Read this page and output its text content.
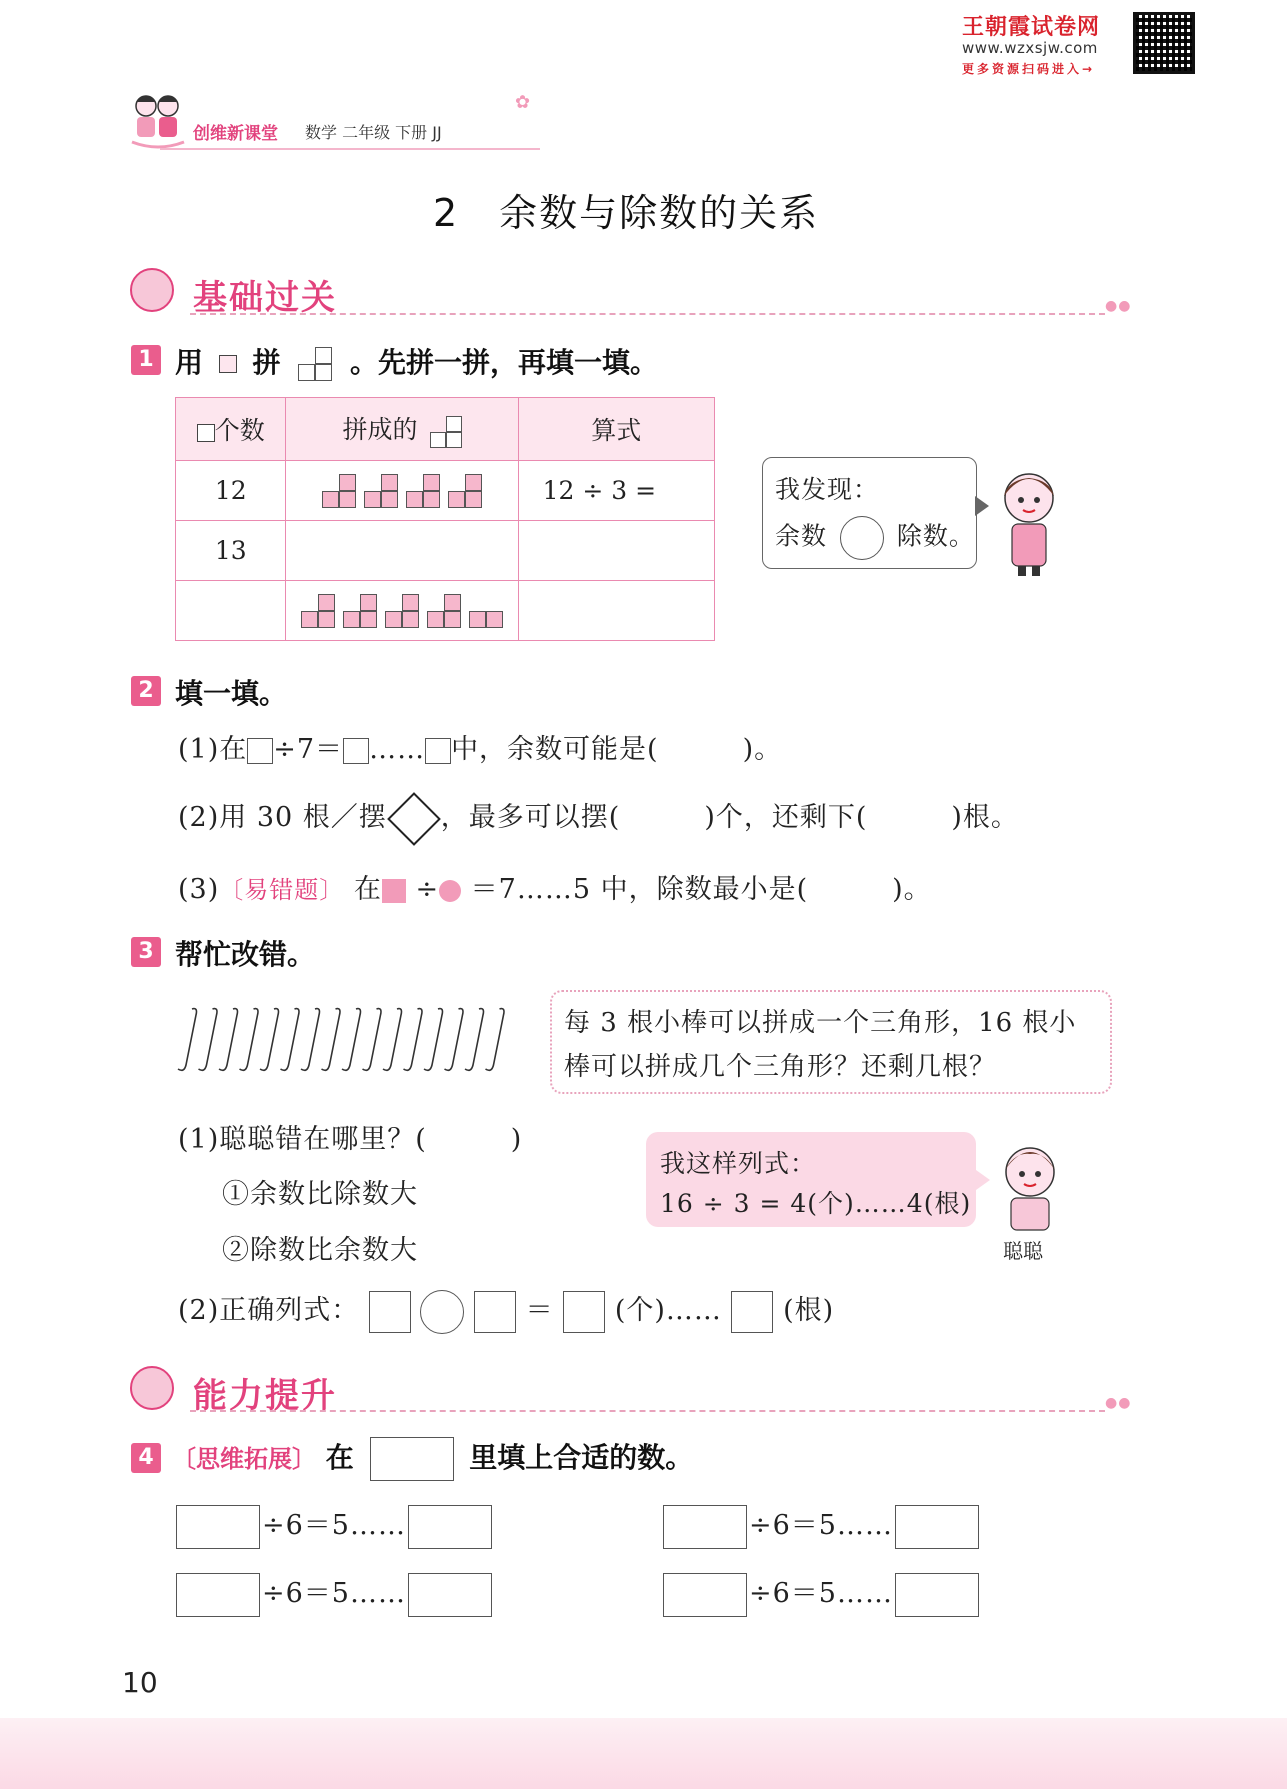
王朝霞试卷网
www.wzxsjw.com
更多资源扫码进入→
创维新课堂 数学 二年级 下册 JJ
✿
2　余数与除数的关系
基础过关	●●
1 用 拼 。先拼一拼，再填一填。
个数	拼成的	算式
12		12 ÷ 3 =
13		

我发现：
余数	除数。
2 填一填。
(1)在 ÷7＝ …… 中，余数可能是(　　　)。
(2)用 30 根／摆 ，最多可以摆(　　　)个，还剩下(　　　)根。
(3)〔易错题〕 在 ÷ ＝7……5 中，除数最小是(　　　)。
3 帮忙改错。
每 3 根小棒可以拼成一个三角形，16 根小
棒可以拼成几个三角形？还剩几根？
(1)聪聪错在哪里？(　　　)
①余数比除数大
②除数比余数大
我这样列式：
16 ÷ 3 = 4(个)……4(根)
聪聪
(2)正确列式：	＝ (个)…… (根)
能力提升	●●
4 〔思维拓展〕 在	里填上合适的数。
÷6＝5……	÷6＝5……
÷6＝5……	÷6＝5……
10
